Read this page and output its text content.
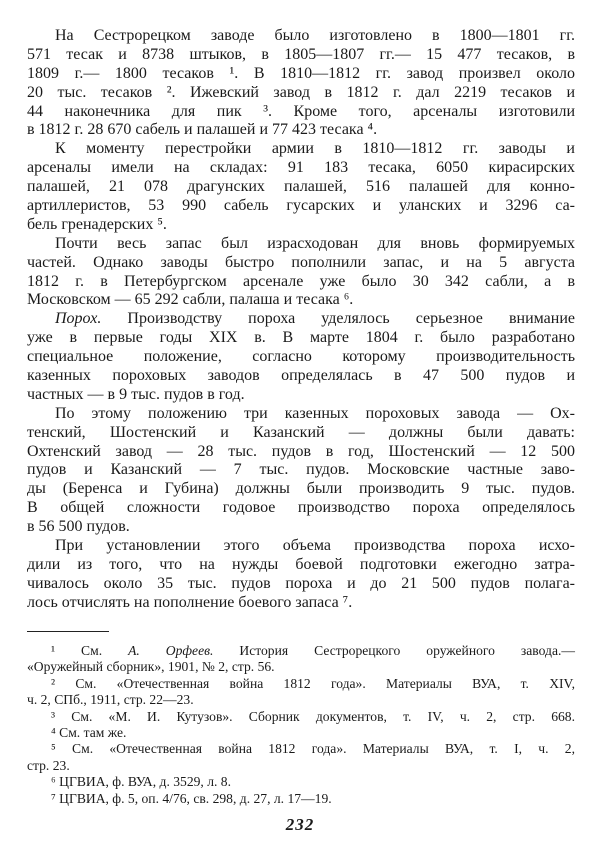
На Сестрорецком заводе было изготовлено в 1800—1801 гг.
571 тесак и 8738 штыков, в 1805—1807 гг.— 15 477 тесаков, в
1809 г.— 1800 тесаков ¹. В 1810—1812 гг. завод произвел около
20 тыс. тесаков ². Ижевский завод в 1812 г. дал 2219 тесаков и
44 наконечника для пик ³. Кроме того, арсеналы изготовили
в 1812 г. 28 670 сабель и палашей и 77 423 тесака ⁴.
К моменту перестройки армии в 1810—1812 гг. заводы и
арсеналы имели на складах: 91 183 тесака, 6050 кирасирских
палашей, 21 078 драгунских палашей, 516 палашей для конно-
артиллеристов, 53 990 сабель гусарских и уланских и 3296 са-
бель гренадерских ⁵.
Почти весь запас был израсходован для вновь формируемых
частей. Однако заводы быстро пополнили запас, и на 5 августа
1812 г. в Петербургском арсенале уже было 30 342 сабли, а в
Московском — 65 292 сабли, палаша и тесака ⁶.
Порох. Производству пороха уделялось серьезное внимание
уже в первые годы XIX в. В марте 1804 г. было разработано
специальное положение, согласно которому производительность
казенных пороховых заводов определялась в 47 500 пудов и
частных — в 9 тыс. пудов в год.
По этому положению три казенных пороховых завода — Ох-
тенский, Шостенский и Казанский — должны были давать:
Охтенский завод — 28 тыс. пудов в год, Шостенский — 12 500
пудов и Казанский — 7 тыс. пудов. Московские частные заво-
ды (Беренса и Губина) должны были производить 9 тыс. пудов.
В общей сложности годовое производство пороха определялось
в 56 500 пудов.
При установлении этого объема производства пороха исхо-
дили из того, что на нужды боевой подготовки ежегодно затра-
чивалось около 35 тыс. пудов пороха и до 21 500 пудов полага-
лось отчислять на пополнение боевого запаса ⁷.
¹ См. А. Орфеев. История Сестрорецкого оружейного завода.—
«Оружейный сборник», 1901, № 2, стр. 56.
² См. «Отечественная война 1812 года». Материалы ВУА, т. XIV,
ч. 2, СПб., 1911, стр. 22—23.
³ См. «М. И. Кутузов». Сборник документов, т. IV, ч. 2, стр. 668.
⁴ См. там же.
⁵ См. «Отечественная война 1812 года». Материалы ВУА, т. I, ч. 2,
стр. 23.
⁶ ЦГВИА, ф. ВУА, д. 3529, л. 8.
⁷ ЦГВИА, ф. 5, оп. 4/76, св. 298, д. 27, л. 17—19.
232
